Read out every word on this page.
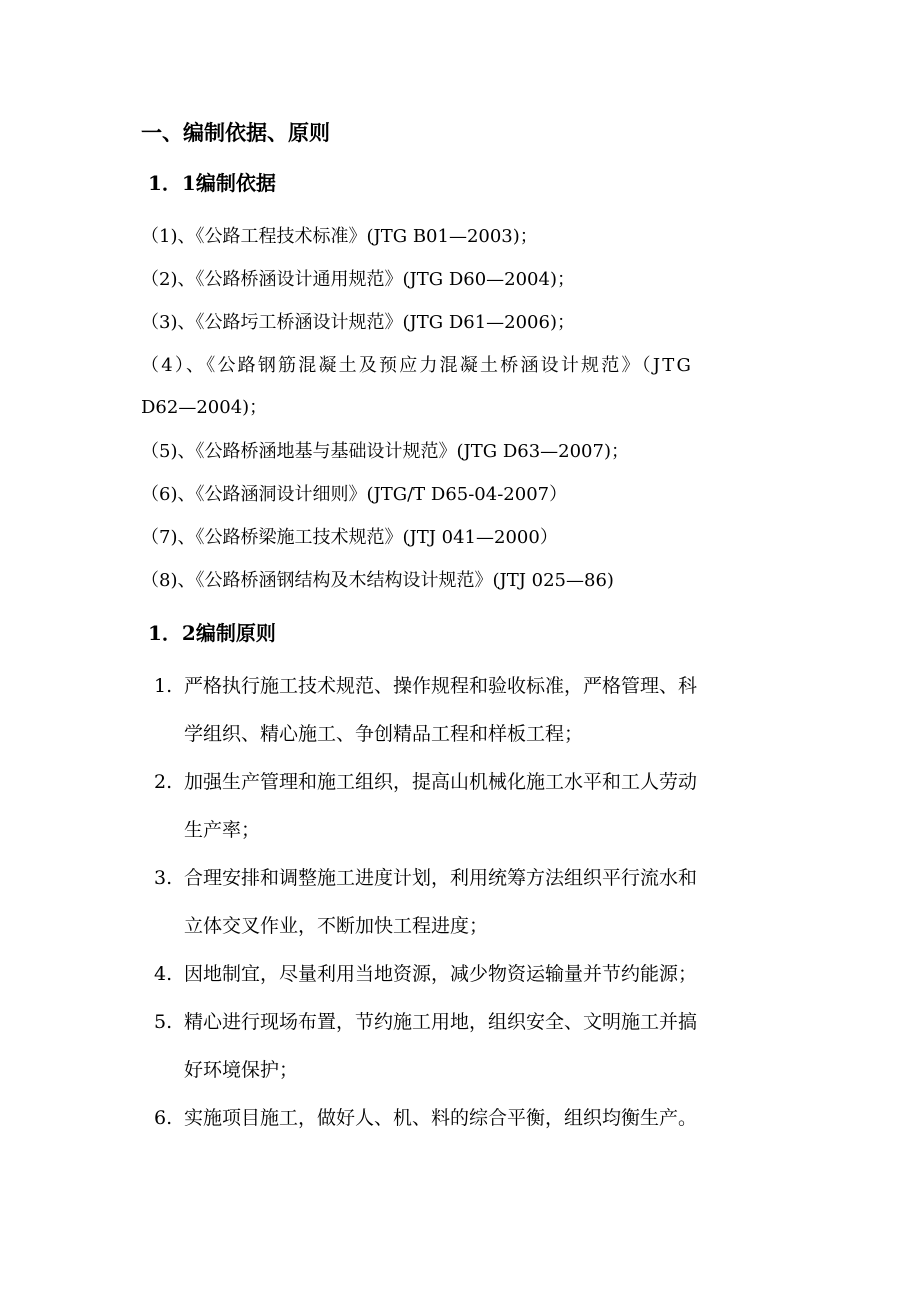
一、编制依据、原则
1．1编制依据
（1)、《公路工程技术标准》(JTG B01—2003)；
（2)、《公路桥涵设计通用规范》(JTG D60—2004)；
（3)、《公路圬工桥涵设计规范》(JTG D61—2006)；
（4）、《公路钢筋混凝土及预应力混凝土桥涵设计规范》（JTG
D62—2004)；
（5)、《公路桥涵地基与基础设计规范》(JTG D63—2007)；
（6)、《公路涵洞设计细则》(JTG/T D65-04-2007）
（7)、《公路桥梁施工技术规范》(JTJ 041—2000）
（8)、《公路桥涵钢结构及木结构设计规范》(JTJ 025—86)
1．2编制原则
1. 严格执行施工技术规范、操作规程和验收标准，严格管理、科
学组织、精心施工、争创精品工程和样板工程；
2. 加强生产管理和施工组织，提高山机械化施工水平和工人劳动
生产率；
3. 合理安排和调整施工进度计划，利用统筹方法组织平行流水和
立体交叉作业，不断加快工程进度；
4. 因地制宜，尽量利用当地资源，减少物资运输量并节约能源；
5. 精心进行现场布置，节约施工用地，组织安全、文明施工并搞
好环境保护；
6. 实施项目施工，做好人、机、料的综合平衡，组织均衡生产。
